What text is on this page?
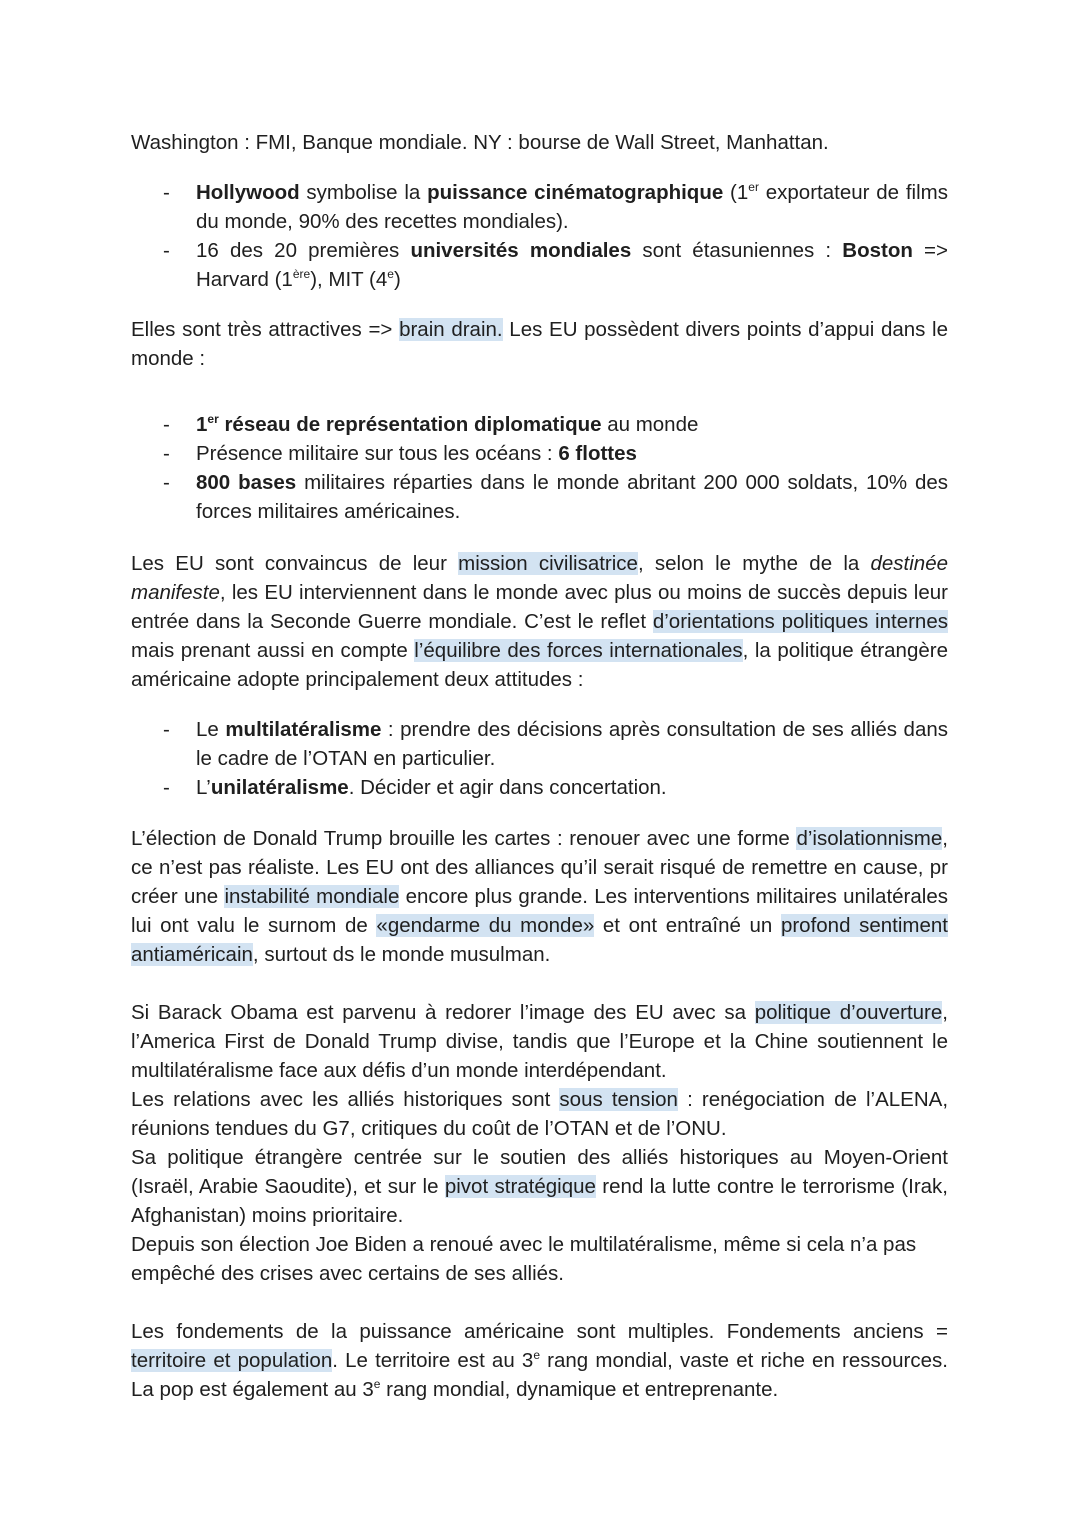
Washington : FMI, Banque mondiale. NY : bourse de Wall Street, Manhattan.

- Hollywood symbolise la puissance cinématographique (1er exportateur de films du monde, 90% des recettes mondiales).
- 16 des 20 premières universités mondiales sont étasuniennes : Boston => Harvard (1ère), MIT (4e)

Elles sont très attractives => brain drain. Les EU possèdent divers points d’appui dans le monde :

- 1er réseau de représentation diplomatique au monde
- Présence militaire sur tous les océans : 6 flottes
- 800 bases militaires réparties dans le monde abritant 200 000 soldats, 10% des forces militaires américaines.

Les EU sont convaincus de leur mission civilisatrice, selon le mythe de la destinée manifeste, les EU interviennent dans le monde avec plus ou moins de succès depuis leur entrée dans la Seconde Guerre mondiale. C’est le reflet d’orientations politiques internes mais prenant aussi en compte l’équilibre des forces internationales, la politique étrangère américaine adopte principalement deux attitudes :

- Le multilatéralisme : prendre des décisions après consultation de ses alliés dans le cadre de l’OTAN en particulier.
- L’unilatéralisme. Décider et agir dans concertation.

L’élection de Donald Trump brouille les cartes : renouer avec une forme d’isolationnisme, ce n’est pas réaliste. Les EU ont des alliances qu’il serait risqué de remettre en cause, pr créer une instabilité mondiale encore plus grande. Les interventions militaires unilatérales lui ont valu le surnom de «gendarme du monde» et ont entraîné un profond sentiment antiaméricain, surtout ds le monde musulman.

Si Barack Obama est parvenu à redorer l’image des EU avec sa politique d’ouverture, l’America First de Donald Trump divise, tandis que l’Europe et la Chine soutiennent le multilatéralisme face aux défis d’un monde interdépendant.

Les relations avec les alliés historiques sont sous tension : renégociation de l’ALENA, réunions tendues du G7, critiques du coût de l’OTAN et de l’ONU.

Sa politique étrangère centrée sur le soutien des alliés historiques au Moyen-Orient (Israël, Arabie Saoudite), et sur le pivot stratégique rend la lutte contre le terrorisme (Irak, Afghanistan) moins prioritaire.

Depuis son élection Joe Biden a renoué avec le multilatéralisme, même si cela n’a pas empêché des crises avec certains de ses alliés.

Les fondements de la puissance américaine sont multiples. Fondements anciens = territoire et population. Le territoire est au 3e rang mondial, vaste et riche en ressources. La pop est également au 3e rang mondial, dynamique et entreprenante.
